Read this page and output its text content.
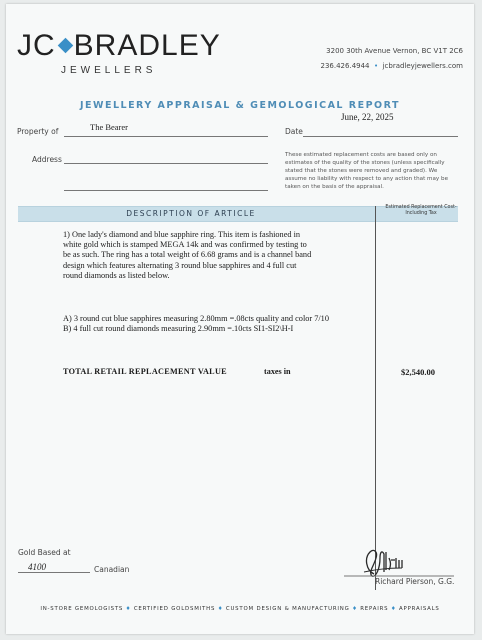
JC BRADLEY
JEWELLERS
3200 30th Avenue Vernon, BC V1T 2C6
236.426.4944  •  jcbradleyjewellers.com
JEWELLERY APPRAISAL & GEMOLOGICAL REPORT
June, 22, 2025
Property of	The Bearer	Date
Address	These estimated replacement costs are based only on estimates of the quality of the stones (unless specifically stated that the stones were removed and graded). We assume no liability with respect to any action that may be taken on the basis of the appraisal.
DESCRIPTION OF ARTICLE
Estimated Replacement Cost-Including Tax
1) One lady's diamond and blue sapphire ring. This item is fashioned in white gold which is stamped MEGA 14k and was confirmed by testing to be as such. The ring has a total weight of 6.68 grams and is a channel band design which features alternating 3 round blue sapphires and 4 full cut round diamonds as listed below.
A) 3 round cut blue sapphires measuring 2.80mm =.08cts quality and color 7/10
B) 4 full cut round diamonds measuring 2.90mm =.10cts SI1-SI2\H-I
TOTAL RETAIL REPLACEMENT VALUE	taxes in	$2,540.00
Gold Based at
4100	Canadian
Richard Pierson, G.G.
IN-STORE GEMOLOGISTS ♦ CERTIFIED GOLDSMITHS ♦ CUSTOM DESIGN & MANUFACTURING ♦ REPAIRS ♦ APPRAISALS
